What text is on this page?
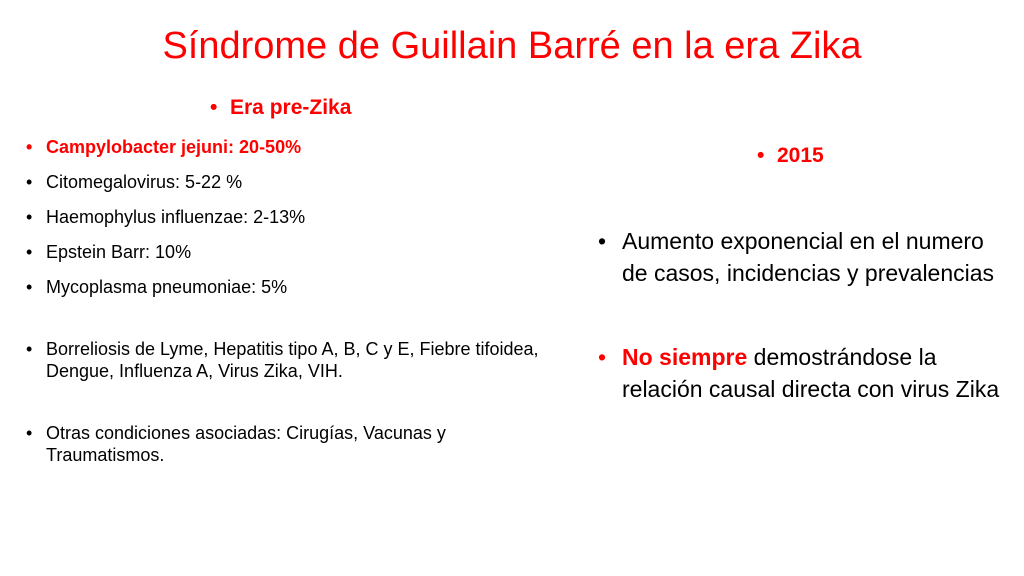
Síndrome de Guillain Barré en la era Zika
• Era pre-Zika
• Campylobacter jejuni: 20-50%
• Citomegalovirus: 5-22 %
• Haemophylus influenzae: 2-13%
• Epstein Barr: 10%
• Mycoplasma pneumoniae: 5%
• Borreliosis de Lyme, Hepatitis tipo A, B, C y E, Fiebre tifoidea, Dengue, Influenza A, Virus Zika, VIH.
• Otras condiciones asociadas: Cirugías, Vacunas y Traumatismos.
• 2015
• Aumento exponencial en el numero de casos, incidencias y prevalencias
• No siempre demostrándose la relación causal directa con virus Zika
